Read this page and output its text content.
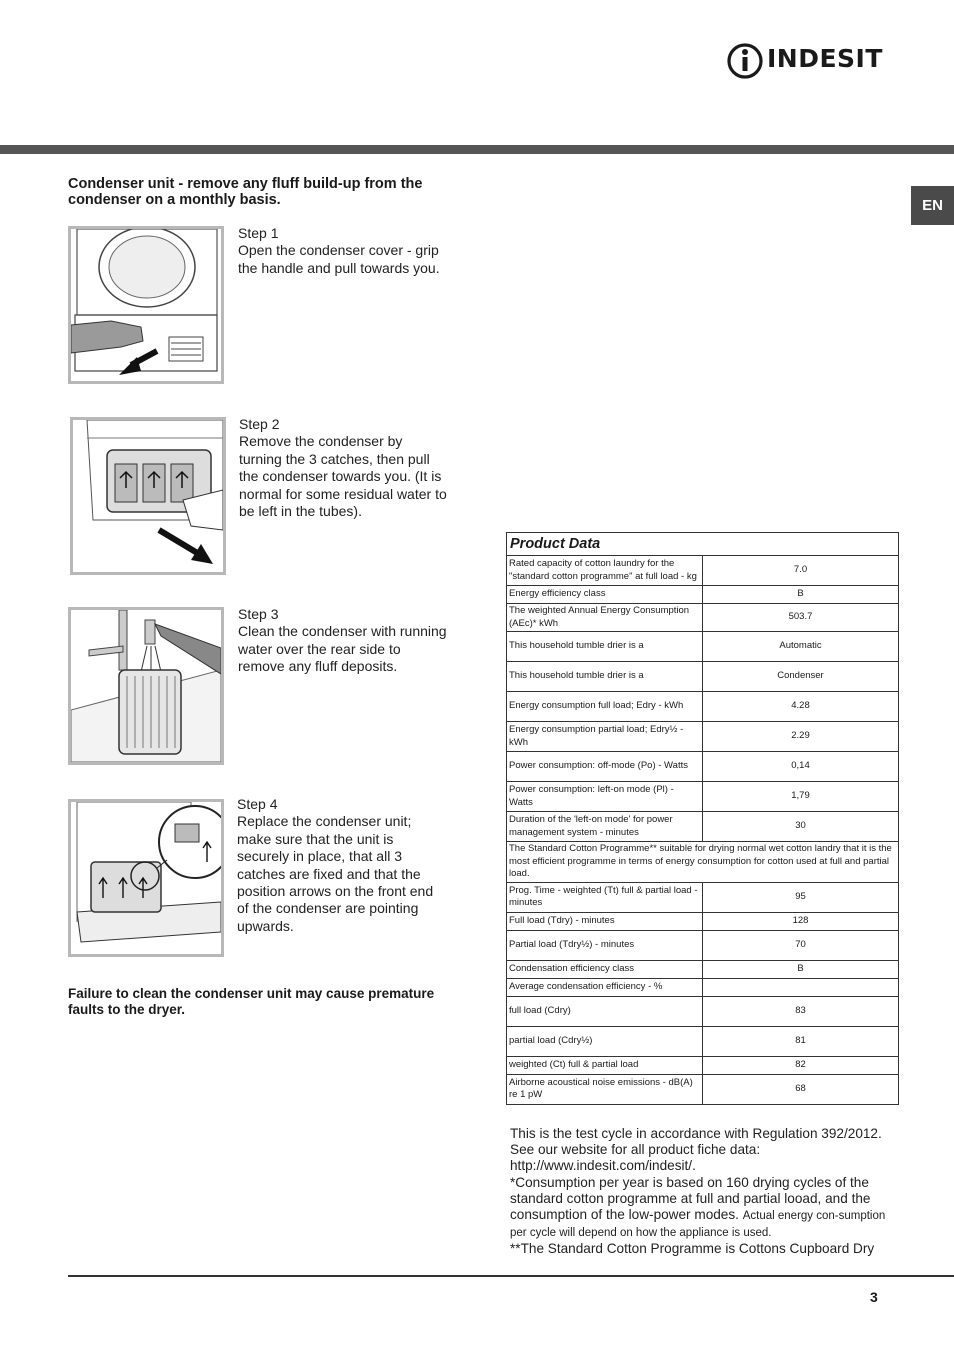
INDESIT
EN
Condenser unit - remove any fluff build-up from the condenser on a monthly basis.
Step 1
Open the condenser cover - grip the handle and pull towards you.
Step 2
Remove the condenser by turning the 3 catches, then pull the condenser towards you. (It is normal for some residual water to be left in the tubes).
Step 3
Clean the condenser with running water over the rear side to remove any fluff deposits.
Step 4
Replace the condenser unit; make sure that the unit is securely in place, that all 3 catches are fixed and that the position arrows on the front end of the condenser are pointing upwards.
Failure to clean the condenser unit may cause premature faults to the dryer.
Product Data	
Rated capacity of cotton laundry for the "standard cotton programme" at full load - kg	7.0
Energy efficiency class	B
The weighted Annual Energy Consumption (AEc)* kWh	503.7
This household tumble drier is a	Automatic
This household tumble drier is a	Condenser
Energy consumption full load; Edry - kWh	4.28
Energy consumption partial load; Edry½ - kWh	2.29
Power consumption: off-mode (Po) - Watts	0,14
Power consumption: left-on mode (Pl) - Watts	1,79
Duration of the 'left-on mode' for power management system - minutes	30
The Standard Cotton Programme** suitable for drying normal wet cotton landry that it is the most efficient programme in terms of energy consumption for cotton used at full and partial load.	
Prog. Time - weighted (Tt) full & partial load - minutes	95
Full load (Tdry) - minutes	128
Partial load (Tdry½) - minutes	70
Condensation efficiency class	B
Average condensation efficiency - %	
full load (Cdry)	83
partial load (Cdry½)	81
weighted (Ct) full & partial load	82
Airborne acoustical noise emissions - dB(A) re 1 pW	68
This is the test cycle in accordance with Regulation 392/2012. See our website for all product fiche data: http://www.indesit.com/indesit/.
*Consumption per year is based on 160 drying cycles of the standard cotton programme at full and partial looad, and the consumption of the low-power modes. Actual energy con-sumption per cycle will depend on how the appliance is used.
**The Standard Cotton Programme is Cottons Cupboard Dry
3
